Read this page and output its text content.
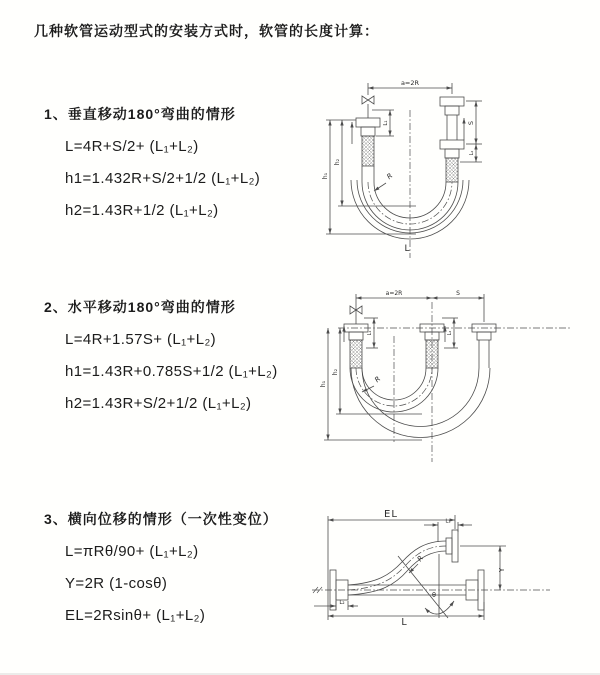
几种软管运动型式的安装方式时，软管的长度计算：
1、垂直移动180°弯曲的情形
L=4R+S/2+ (L₁+L₂)
h1=1.432R+S/2+1/2 (L₁+L₂)
h2=1.43R+1/2 (L₁+L₂)
2、水平移动180°弯曲的情形
L=4R+1.57S+ (L₁+L₂)
h1=1.43R+0.785S+1/2 (L₁+L₂)
h2=1.43R+S/2+1/2 (L₁+L₂)
3、横向位移的情形（一次性变位）
L=πRθ/90+ (L₁+L₂)
Y=2R (1-cosθ)
EL=2Rsinθ+ (L₁+L₂)
a=2R
h₁
h₂
L₁	S
L₂
R
L
a=2R	S
h₁
h₂
L₁	L₂
R
EL
L₁
Y
R
θ
L
L₂
